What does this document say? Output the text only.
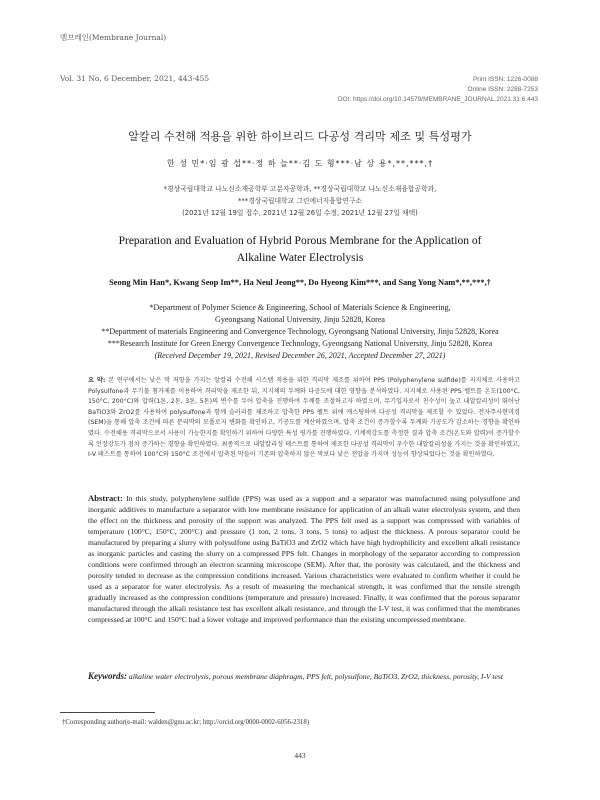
멤브레인(Membrane Journal)
Vol. 31 No. 6 December, 2021, 443-455	Print ISSN: 1226-0088
Online ISSN: 2288-7253
DOI: https://doi.org/10.14579/MEMBRANE_JOURNAL.2021.31.6.443
알칼리 수전해 적용을 위한 하이브리드 다공성 격리막 제조 및 특성평가
한 성 민*·임 광 섭**·정 하 늘**·김 도 형***·남 상 용*,**,***,†
*경상국립대학교 나노신소재공학부 고분자공학과, **경상국립대학교 나노신소재융합공학과,
***경상국립대학교 그린에너지융합연구소
(2021년 12월 19일 접수, 2021년 12월 26일 수정, 2021년 12월 27일 채택)
Preparation and Evaluation of Hybrid Porous Membrane for the Application of
Alkaline Water Electrolysis
Seong Min Han*, Kwang Seop Im**, Ha Neul Jeong**, Do Hyeong Kim***, and Sang Yong Nam*,**,***,†
*Department of Polymer Science & Engineering, School of Materials Science & Engineering,
Gyeongsang National University, Jinju 52828, Korea
**Department of materials Engineering and Convergence Technology, Gyeongsang National University, Jinju 52828, Korea
***Research Institute for Green Energy Convergence Technology, Gyeongsang National University, Jinju 52828, Korea
(Received December 19, 2021, Revised December 26, 2021, Accepted December 27, 2021)
요 약: 본 연구에서는 낮은 막 저항을 가지는 알칼리 수전해 시스템 적용을 위한 격리막 제조를 위하여 PPS (Polyphenylene sulfide)를 지지체로 사용하고 Polysulfone과 무기물 첨가제를 이용하여 격리막을 제조한 뒤, 지지체의 두께와 다공도에 대한 영향을 분석하였다. 지지체로 사용된 PPS 펠트를 온도(100°C, 150°C, 200°C)와 압력(1톤, 2톤, 3톤, 5톤)의 변수를 두어 압축을 진행하여 두께를 조절하고자 하였으며, 무기입자로서 친수성이 높고 내알칼리성이 뛰어난 BaTiO3와 ZrO2를 사용하여 polysulfone과 함께 슬러리를 제조하고 압축한 PPS 펠트 위에 캐스팅하여 다공성 격리막을 제조할 수 있었다. 전자주사현미경(SEM)을 통해 압축 조건에 따른 분리막의 모폴로지 변화를 확인하고, 기공도를 계산하였으며, 압축 조건이 증가할수록 두께와 기공도가 감소하는 경향을 확인하였다. 수전해용 격리막으로서 사용이 가능한지를 확인하기 위하여 다양한 특성 평가를 진행하였다. 기계적강도를 측정한 결과 압축 조건(온도와 압력)이 증가할수록 인장강도가 점차 증가하는 경향을 확인하였다. 최종적으로 내알칼리성 테스트를 통하여 제조한 다공성 격리막이 우수한 내알칼리성을 가지는 것을 확인하였고, I-V 테스트를 통하여 100°C와 150°C 조건에서 압축된 막들이 기존의 압축하지 않은 막보다 낮은 전압을 가지며 성능이 향상되었다는 것을 확인하였다.
Abstract: In this study, polyphenylene sulfide (PPS) was used as a support and a separator was manufactured using polysulfone and inorganic additives to manufacture a separator with low membrane resistance for application of an alkali water electrolysis system, and then the effect on the thickness and porosity of the support was analyzed. The PPS felt used as a support was compressed with variables of temperature (100°C, 150°C, 200°C) and pressure (1 ton, 2 tons, 3 tons, 5 tons) to adjust the thickness. A porous separator could be manufactured by preparing a slurry with polysulfone using BaTiO3 and ZrO2 which have high hydrophilicity and excellent alkali resistance as inorganic particles and casting the slurry on a compressed PPS felt. Changes in morphology of the separator according to compression conditions were confirmed through an electron scanning microscope (SEM). After that, the porosity was calculated, and the thickness and porosity tended to decrease as the compression conditions increased. Various characteristics were evaluated to confirm whether it could be used as a separator for water electrolysis. As a result of measuring the mechanical strength, it was confirmed that the tensile strength gradually increased as the compression conditions (temperature and pressure) increased. Finally, it was confirmed that the porous separator manufactured through the alkali resistance test has excellent alkali resistance, and through the I-V test, it was confirmed that the membranes compressed at 100°C and 150°C had a lower voltage and improved performance than the existing uncompressed membrane.
Keywords: alkaline water electrolysis, porous membrane diaphragm, PPS felt, polysulfone, BaTiO3, ZrO2, thickness, porosity, I-V test
†Corresponding author(e-mail: walden@gnu.ac.kr; http://orcid.org/0000-0002-6056-2318)
443
